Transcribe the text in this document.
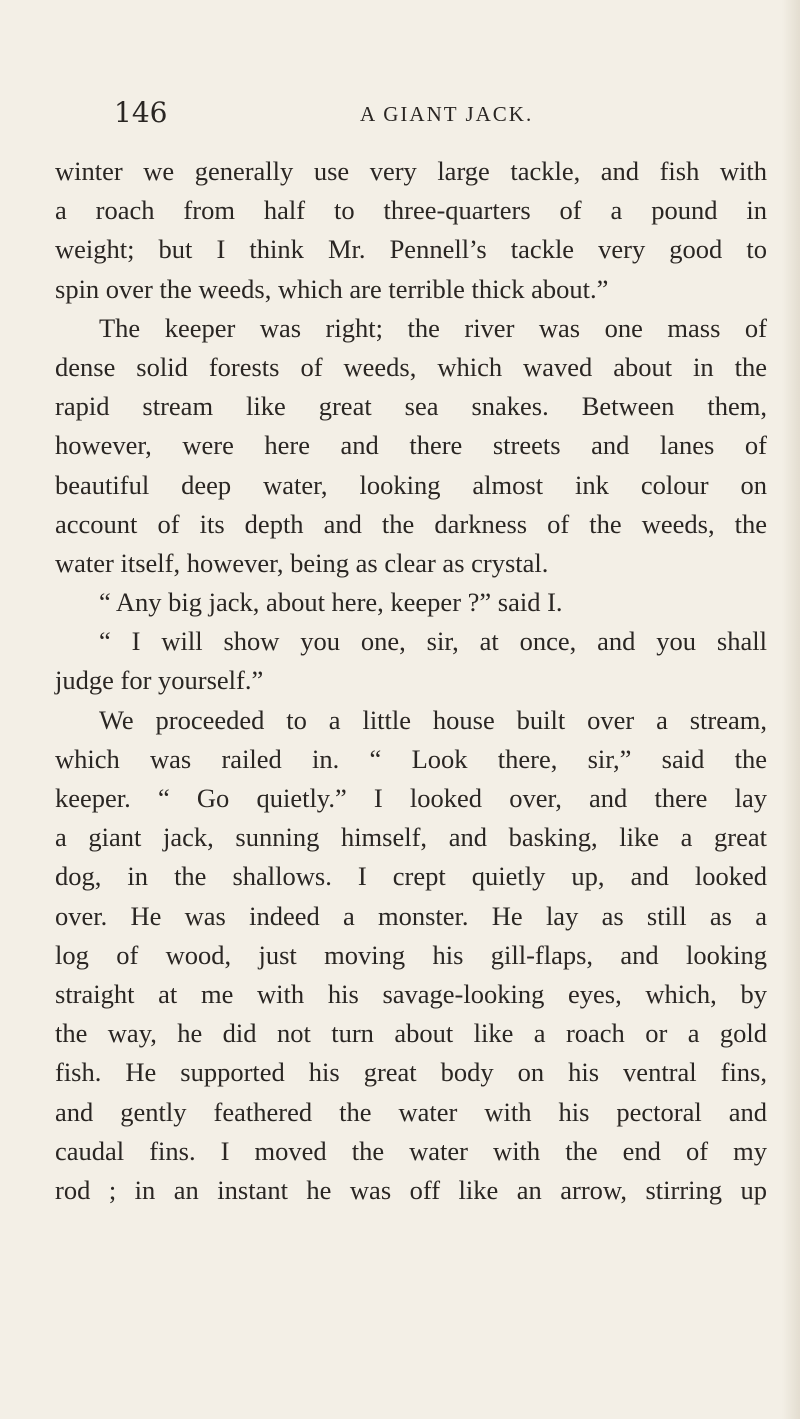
146	A GIANT JACK.
winter we generally use very large tackle, and fish with
a roach from half to three-quarters of a pound in
weight; but I think Mr. Pennell’s tackle very good to
spin over the weeds, which are terrible thick about.”
The keeper was right; the river was one mass of
dense solid forests of weeds, which waved about in the
rapid stream like great sea snakes. Between them,
however, were here and there streets and lanes of
beautiful deep water, looking almost ink colour on
account of its depth and the darkness of the weeds, the
water itself, however, being as clear as crystal.
“ Any big jack, about here, keeper ?” said I.
“ I will show you one, sir, at once, and you shall
judge for yourself.”
We proceeded to a little house built over a stream,
which was railed in. “ Look there, sir,” said the
keeper. “ Go quietly.” I looked over, and there lay
a giant jack, sunning himself, and basking, like a great
dog, in the shallows. I crept quietly up, and looked
over. He was indeed a monster. He lay as still as a
log of wood, just moving his gill-flaps, and looking
straight at me with his savage-looking eyes, which, by
the way, he did not turn about like a roach or a gold
fish. He supported his great body on his ventral fins,
and gently feathered the water with his pectoral and
caudal fins. I moved the water with the end of my
rod ; in an instant he was off like an arrow, stirring up
